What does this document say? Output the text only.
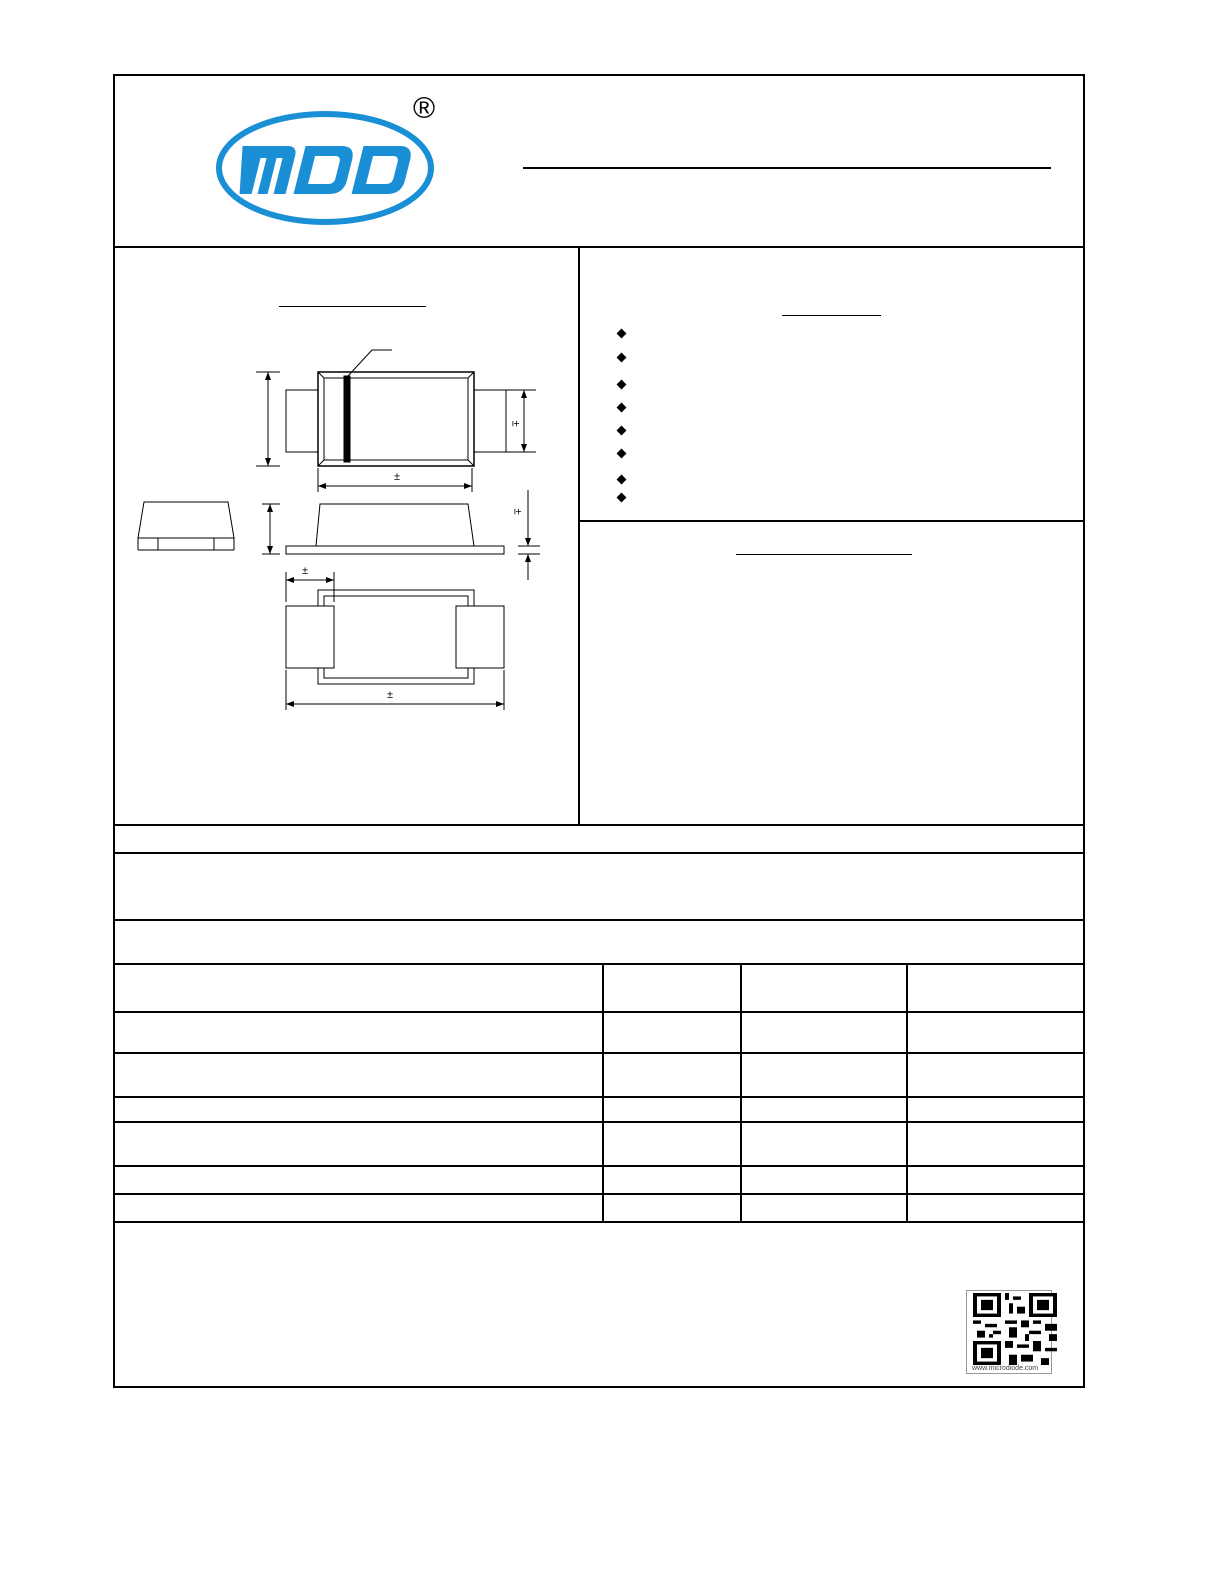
®
±
±
±
±
±
www.microdiode.com
